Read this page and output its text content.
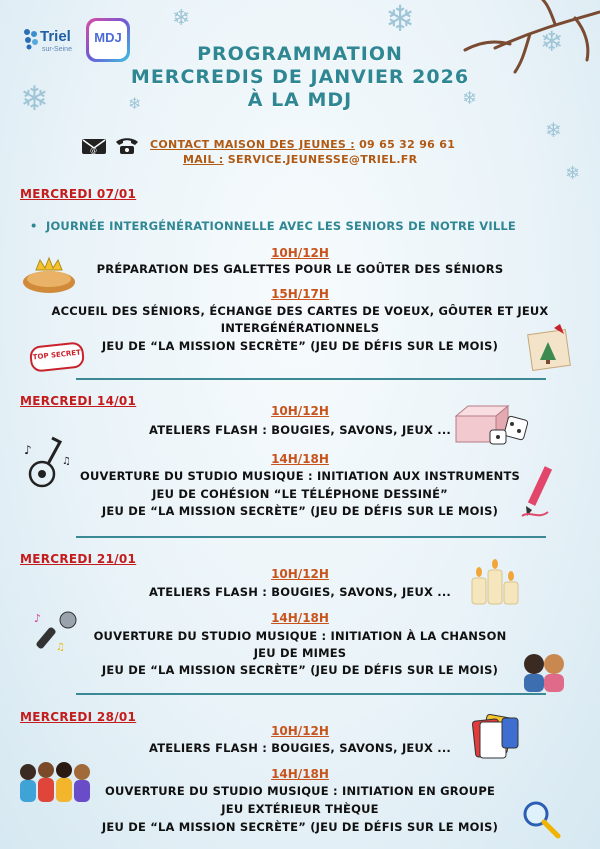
❄
❄	❄
❄
❄
❄
❄
❄
Triel
sur-Seine
MDJ
PROGRAMMATION
MERCREDIS DE JANVIER 2026
À LA MDJ
@	CONTACT MAISON DES JEUNES : 09 65 32 96 61
MAIL : SERVICE.JEUNESSE@TRIEL.FR
MERCREDI 07/01
•  JOURNÉE INTERGÉNÉRATIONNELLE AVEC LES SENIORS DE NOTRE VILLE
10H/12H
PRÉPARATION DES GALETTES POUR LE GOÛTER DES SÉNIORS
15H/17H
ACCUEIL DES SÉNIORS, ÉCHANGE DES CARTES DE VOEUX, GÔUTER ET JEUX
INTERGÉNÉRATIONNELS
JEU DE “LA MISSION SECRÈTE” (JEU DE DÉFIS SUR LE MOIS)
TOP SECRET
MERCREDI 14/01
10H/12H
ATELIERS FLASH : BOUGIES, SAVONS, JEUX ...
14H/18H
OUVERTURE DU STUDIO MUSIQUE : INITIATION AUX INSTRUMENTS
JEU DE COHÉSION “LE TÉLÉPHONE DESSINÉ”
JEU DE “LA MISSION SECRÈTE” (JEU DE DÉFIS SUR LE MOIS)
♪
♫
MERCREDI 21/01
10H/12H
ATELIERS FLASH : BOUGIES, SAVONS, JEUX ...
14H/18H
OUVERTURE DU STUDIO MUSIQUE : INITIATION À LA CHANSON
JEU DE MIMES
JEU DE “LA MISSION SECRÈTE” (JEU DE DÉFIS SUR LE MOIS)
♪
♫
MERCREDI 28/01
10H/12H
ATELIERS FLASH : BOUGIES, SAVONS, JEUX ...
14H/18H
OUVERTURE DU STUDIO MUSIQUE : INITIATION EN GROUPE
JEU EXTÉRIEUR THÈQUE
JEU DE “LA MISSION SECRÈTE” (JEU DE DÉFIS SUR LE MOIS)
